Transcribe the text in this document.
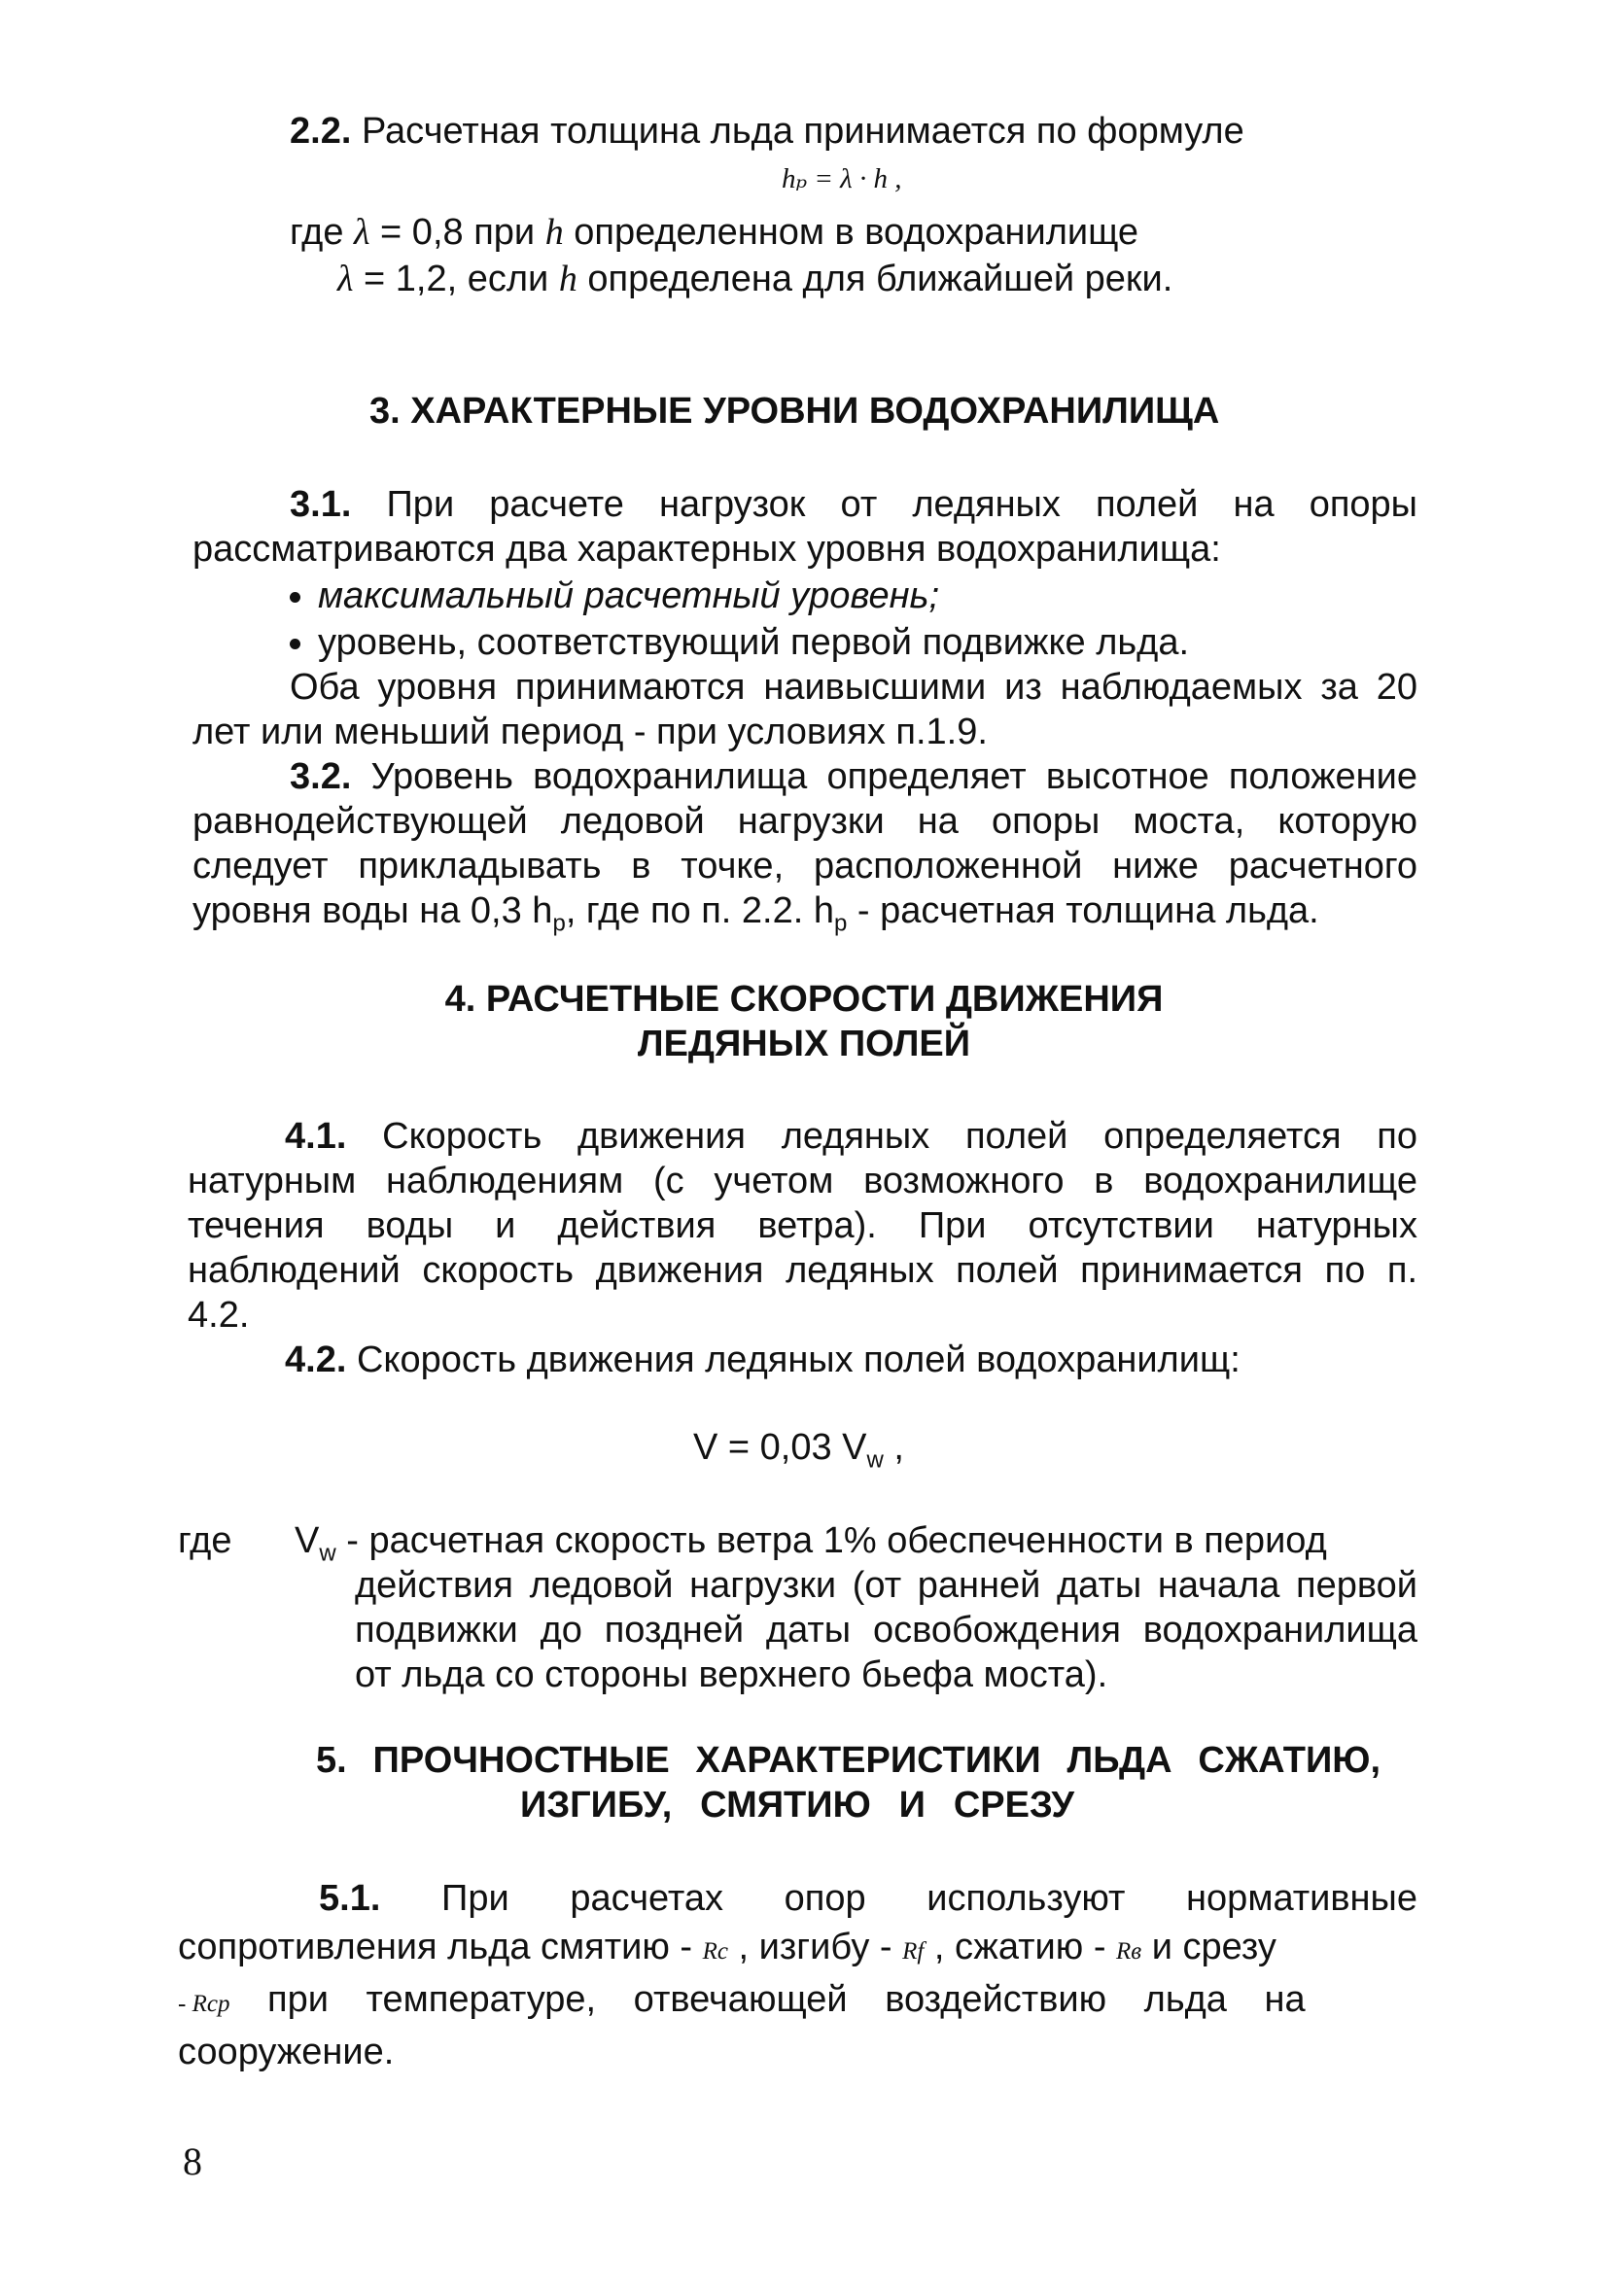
2.2. Расчетная толщина льда принимается по формуле
hₚ = λ · h ,
где λ = 0,8 при h определенном в водохранилище
λ = 1,2, если h определена для ближайшей реки.
3. ХАРАКТЕРНЫЕ УРОВНИ ВОДОХРАНИЛИЩА
3.1. При расчете нагрузок от ледяных полей на опоры
рассматриваются два характерных уровня водохранилища:
максимальный расчетный уровень;
уровень, соответствующий первой подвижке льда.
Оба уровня принимаются наивысшими из наблюдаемых за 20
лет или меньший период - при условиях п.1.9.
3.2. Уровень водохранилища определяет высотное положение
равнодействующей ледовой нагрузки на опоры моста, которую
следует прикладывать в точке, расположенной ниже расчетного
уровня воды на 0,3 $h_p$, где по п. 2.2. $h_p$ - расчетная толщина льда.
4. РАСЧЕТНЫЕ СКОРОСТИ ДВИЖЕНИЯ
ЛЕДЯНЫХ ПОЛЕЙ
4.1. Скорость движения ледяных полей определяется по
натурным наблюдениям (с учетом возможного в водохранилище
течения воды и действия ветра). При отсутствии натурных
наблюдений скорость движения ледяных полей принимается по п.
4.2.
4.2. Скорость движения ледяных полей водохранилищ:
V = 0,03 $V_w$ ,
где $V_w$ - расчетная скорость ветра 1% обеспеченности в период
действия ледовой нагрузки (от ранней даты начала первой
подвижки до поздней даты освобождения водохранилища
от льда со стороны верхнего бьефа моста).
5. ПРОЧНОСТНЫЕ ХАРАКТЕРИСТИКИ ЛЬДА СЖАТИЮ,
ИЗГИБУ, СМЯТИЮ И СРЕЗУ
5.1. При расчетах опор используют нормативные
сопротивления льда смятию - Rc , изгибу - Rf , сжатию - Rв и срезу
- Rср при температуре, отвечающей воздействию льда на
сооружение.
8
